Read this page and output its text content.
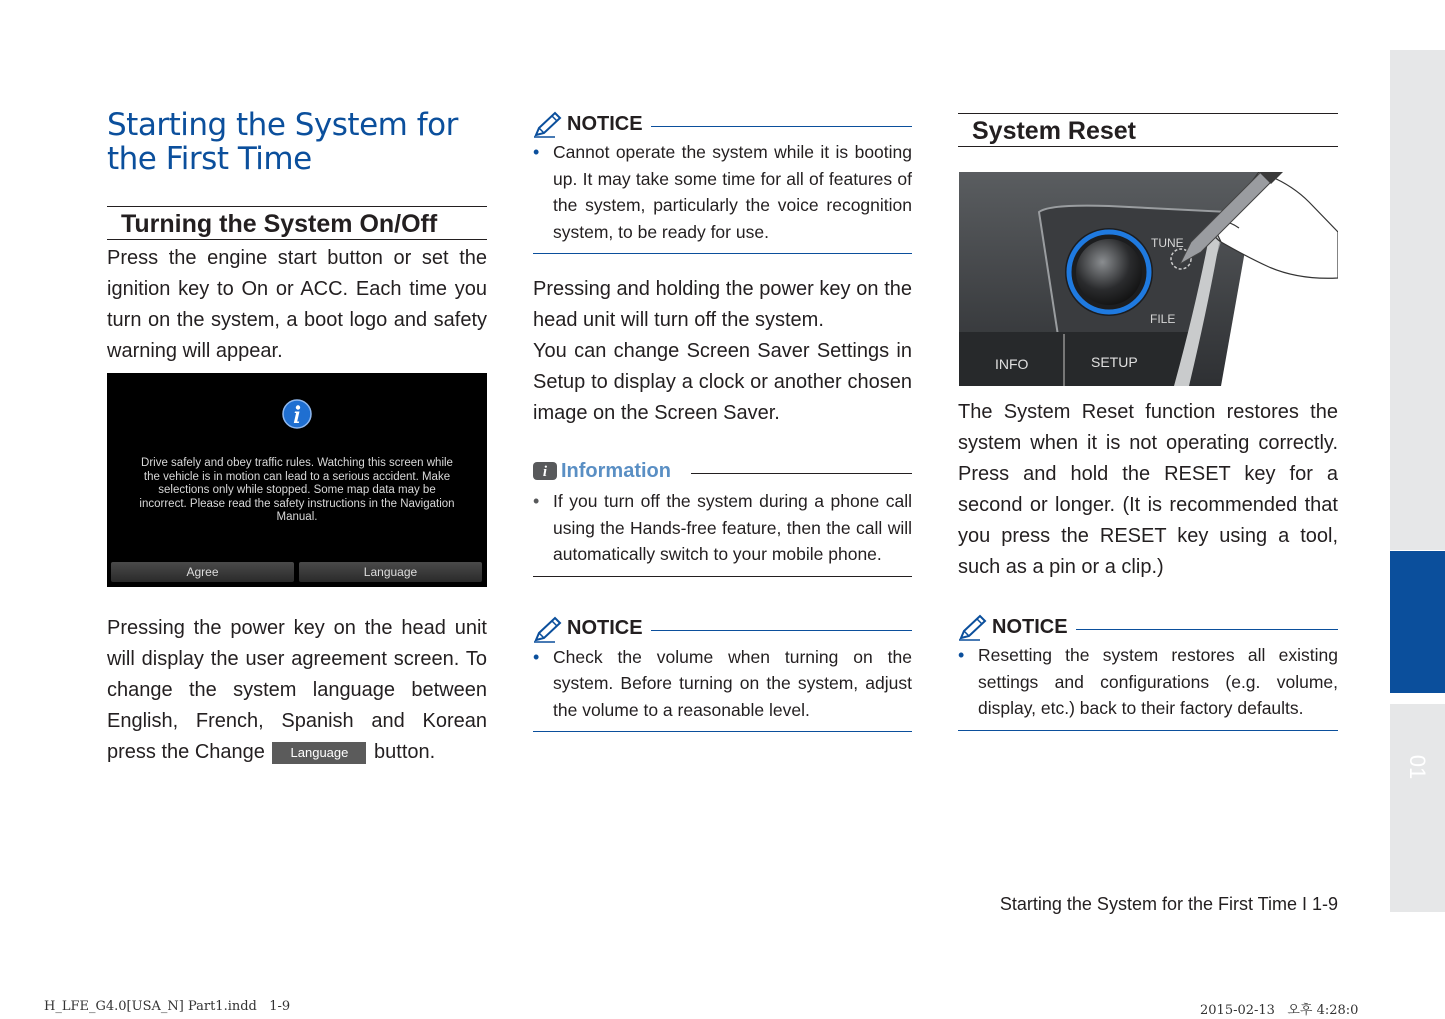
Starting the System for the First Time
Turning the System On/Off

Press the engine start button or set the ignition key to On or ACC. Each time you turn on the system, a boot logo and safety warning will appear.

Drive safely and obey traffic rules. Watching this screen while the vehicle is in motion can lead to a serious accident. Make selections only while stopped. Some map data may be incorrect. Please read the safety instructions in the Navigation Manual.
Agree	Language

Pressing the power key on the head unit will display the user agreement screen. To change the system language between English, French, Spanish and Korean press the Change Language button.

NOTICE
• Cannot operate the system while it is booting up. It may take some time for all of features of the system, particularly the voice recognition system, to be ready for use.

Pressing and holding the power key on the head unit will turn off the system.

You can change Screen Saver Settings in Setup to display a clock or another chosen image on the Screen Saver.

i Information
• If you turn off the system during a phone call using the Hands-free feature, then the call will automatically switch to your mobile phone.
NOTICE
• Check the volume when turning on the system. Before turning on the system, adjust the volume to a reasonable level.
System Reset
TUNE
FILE
INFO	SETUP

The System Reset function restores the system when it is not operating correctly. Press and hold the RESET key for a second or longer. (It is recommended that you press the RESET key using a tool, such as a pin or a clip.)

NOTICE
• Resetting the system restores all existing settings and configurations (e.g. volume, display, etc.) back to their factory defaults.
01
Starting the System for the First Time I 1-9
H_LFE_G4.0[USA_N] Part1.indd   1-9	2015-02-13   오후 4:28:0
